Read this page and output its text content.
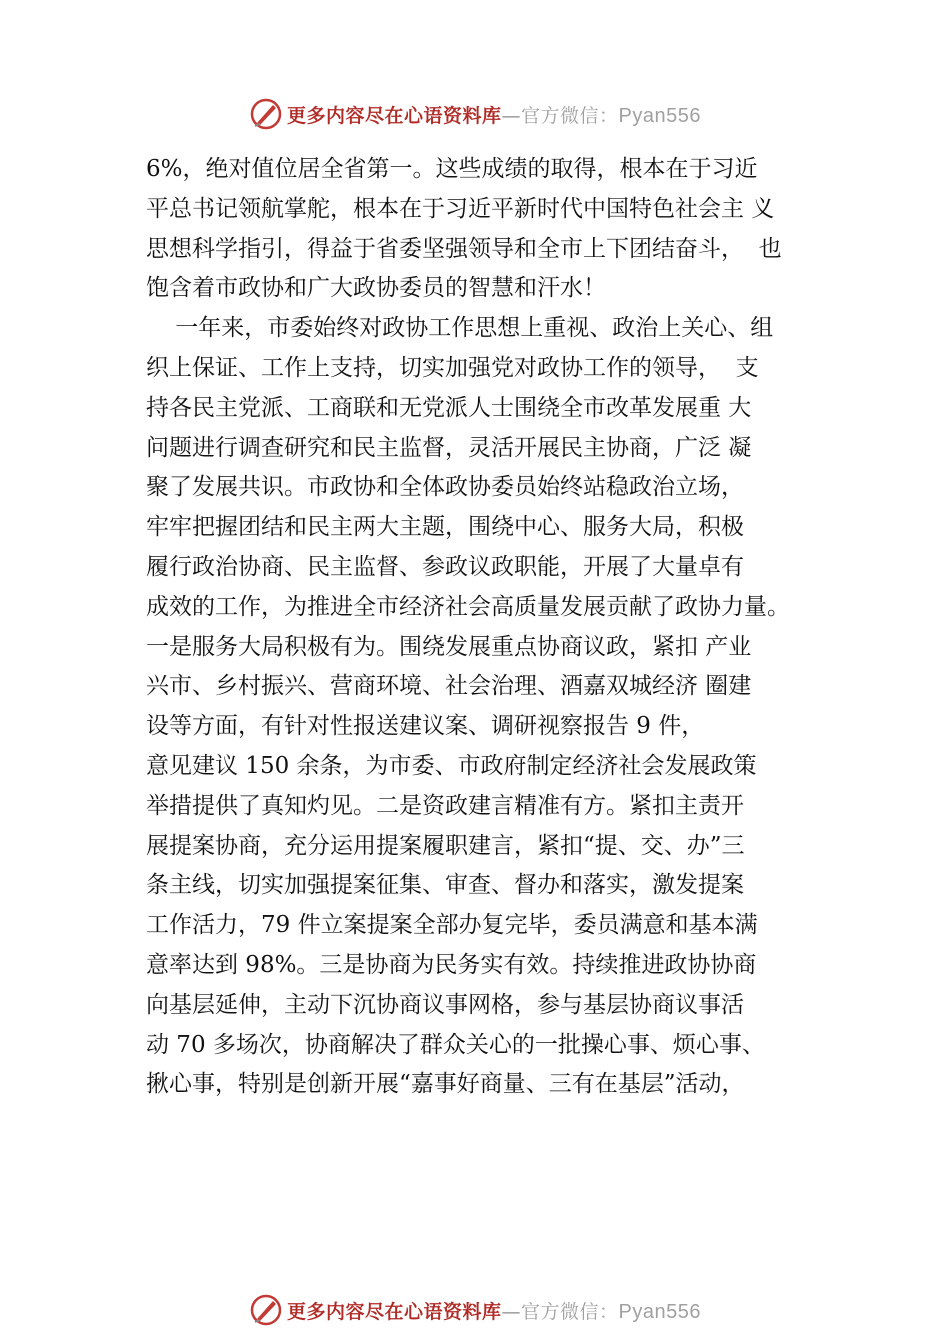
更多内容尽在心语资料库—官方微信：Pyan556
6%，绝对值位居全省第一。这些成绩的取得，根本在于习近
平总书记领航掌舵，根本在于习近平新时代中国特色社会主 义
思想科学指引，得益于省委坚强领导和全市上下团结奋斗，  也
饱含着市政协和广大政协委员的智慧和汗水！
一年来，市委始终对政协工作思想上重视、政治上关心、组
织上保证、工作上支持，切实加强党对政协工作的领导，  支
持各民主党派、工商联和无党派人士围绕全市改革发展重 大
问题进行调查研究和民主监督，灵活开展民主协商，广泛 凝
聚了发展共识。市政协和全体政协委员始终站稳政治立场，
牢牢把握团结和民主两大主题，围绕中心、服务大局，积极
履行政治协商、民主监督、参政议政职能，开展了大量卓有
成效的工作，为推进全市经济社会高质量发展贡献了政协力量。
一是服务大局积极有为。围绕发展重点协商议政，紧扣 产业
兴市、乡村振兴、营商环境、社会治理、酒嘉双城经济 圈建
设等方面，有针对性报送建议案、调研视察报告 9 件，
意见建议 150 余条，为市委、市政府制定经济社会发展政策
举措提供了真知灼见。二是资政建言精准有方。紧扣主责开
展提案协商，充分运用提案履职建言，紧扣“提、交、办”三
条主线，切实加强提案征集、审查、督办和落实，激发提案
工作活力，79 件立案提案全部办复完毕，委员满意和基本满
意率达到 98%。三是协商为民务实有效。持续推进政协协商
向基层延伸，主动下沉协商议事网格，参与基层协商议事活
动 70 多场次，协商解决了群众关心的一批操心事、烦心事、
揪心事，特别是创新开展“嘉事好商量、三有在基层”活动，
更多内容尽在心语资料库—官方微信：Pyan556
